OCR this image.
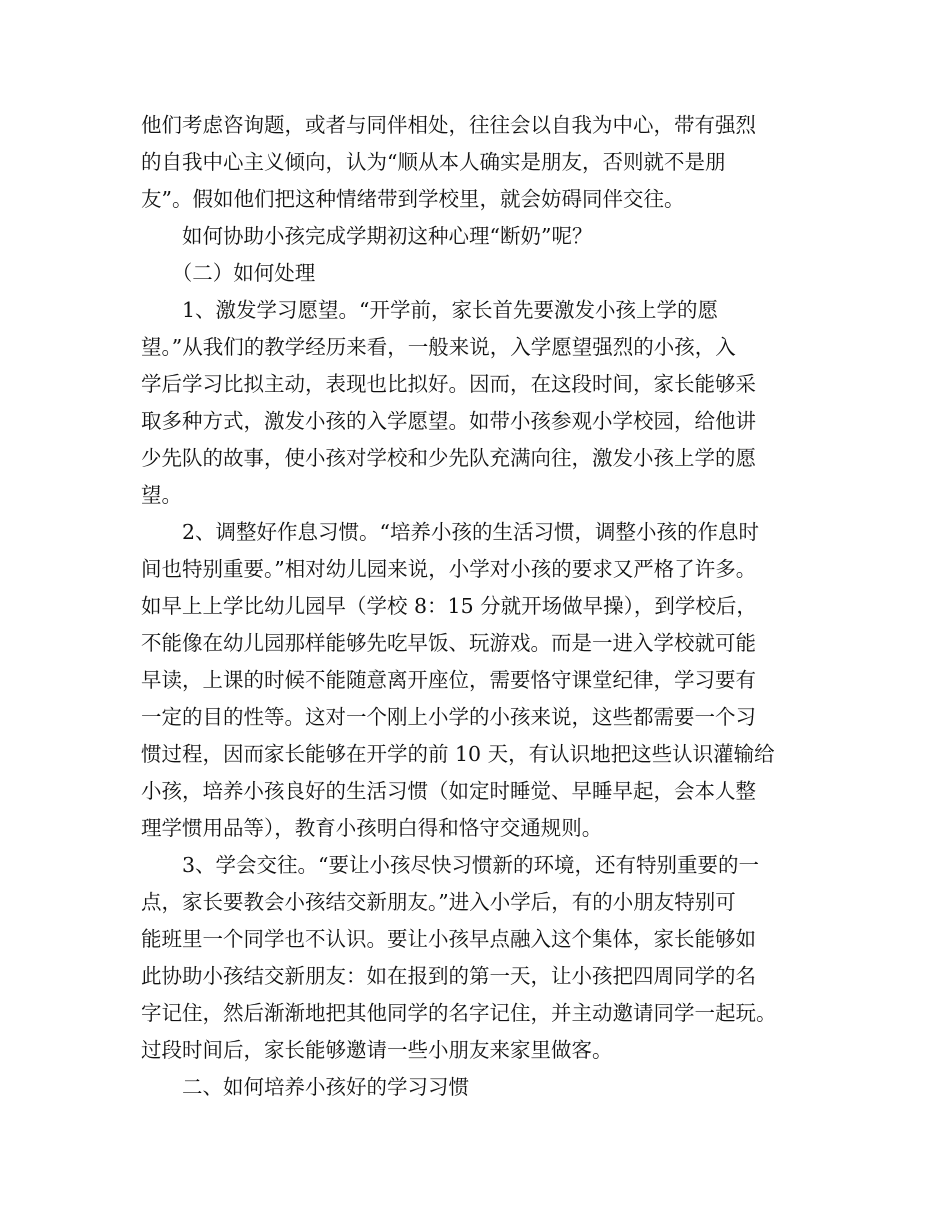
他们考虑咨询题，或者与同伴相处，往往会以自我为中心，带有强烈
的自我中心主义倾向，认为“顺从本人确实是朋友，否则就不是朋
友”。假如他们把这种情绪带到学校里，就会妨碍同伴交往。
　　如何协助小孩完成学期初这种心理“断奶”呢？
　　（二）如何处理
　　1、激发学习愿望。“开学前，家长首先要激发小孩上学的愿
望。”从我们的教学经历来看，一般来说，入学愿望强烈的小孩，入
学后学习比拟主动，表现也比拟好。因而，在这段时间，家长能够采
取多种方式，激发小孩的入学愿望。如带小孩参观小学校园，给他讲
少先队的故事，使小孩对学校和少先队充满向往，激发小孩上学的愿
望。
　　2、调整好作息习惯。“培养小孩的生活习惯，调整小孩的作息时
间也特别重要。”相对幼儿园来说，小学对小孩的要求又严格了许多。
如早上上学比幼儿园早（学校 8：15 分就开场做早操），到学校后，
不能像在幼儿园那样能够先吃早饭、玩游戏。而是一进入学校就可能
早读，上课的时候不能随意离开座位，需要恪守课堂纪律，学习要有
一定的目的性等。这对一个刚上小学的小孩来说，这些都需要一个习
惯过程，因而家长能够在开学的前 10 天，有认识地把这些认识灌输给
小孩，培养小孩良好的生活习惯（如定时睡觉、早睡早起，会本人整
理学惯用品等），教育小孩明白得和恪守交通规则。
　　3、学会交往。“要让小孩尽快习惯新的环境，还有特别重要的一
点，家长要教会小孩结交新朋友。”进入小学后，有的小朋友特别可
能班里一个同学也不认识。要让小孩早点融入这个集体，家长能够如
此协助小孩结交新朋友：如在报到的第一天，让小孩把四周同学的名
字记住，然后渐渐地把其他同学的名字记住，并主动邀请同学一起玩。
过段时间后，家长能够邀请一些小朋友来家里做客。
　　二、如何培养小孩好的学习习惯
